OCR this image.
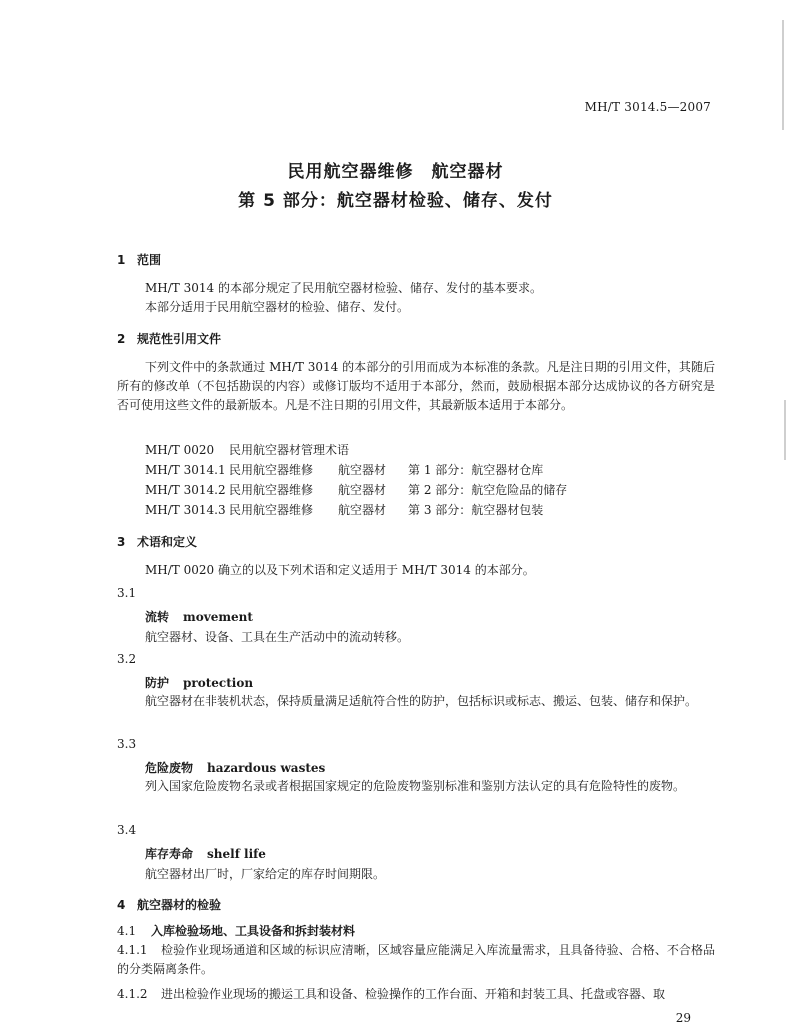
MH/T 3014.5—2007
民用航空器维修　航空器材
第 5 部分：航空器材检验、储存、发付
1 范围
MH/T 3014 的本部分规定了民用航空器材检验、储存、发付的基本要求。
本部分适用于民用航空器材的检验、储存、发付。
2 规范性引用文件
下列文件中的条款通过 MH/T 3014 的本部分的引用而成为本标准的条款。凡是注日期的引用文件，其随后所有的修改单（不包括勘误的内容）或修订版均不适用于本部分，然而，鼓励根据本部分达成协议的各方研究是否可使用这些文件的最新版本。凡是不注日期的引用文件，其最新版本适用于本部分。
MH/T 0020 民用航空器材管理术语
MH/T 3014.1 民用航空器维修 航空器材 第 1 部分：航空器材仓库
MH/T 3014.2 民用航空器维修 航空器材 第 2 部分：航空危险品的储存
MH/T 3014.3 民用航空器维修 航空器材 第 3 部分：航空器材包装
3 术语和定义
MH/T 0020 确立的以及下列术语和定义适用于 MH/T 3014 的本部分。
3.1
流转 movement
航空器材、设备、工具在生产活动中的流动转移。
3.2
防护 protection
航空器材在非装机状态，保持质量满足适航符合性的防护，包括标识或标志、搬运、包装、储存和保护。
3.3
危险废物 hazardous wastes
列入国家危险废物名录或者根据国家规定的危险废物鉴别标准和鉴别方法认定的具有危险特性的废物。
3.4
库存寿命 shelf life
航空器材出厂时，厂家给定的库存时间期限。
4 航空器材的检验
4.1 入库检验场地、工具设备和拆封装材料
4.1.1 检验作业现场通道和区域的标识应清晰，区域容量应能满足入库流量需求，且具备待验、合格、不合格品的分类隔离条件。
4.1.2 进出检验作业现场的搬运工具和设备、检验操作的工作台面、开箱和封装工具、托盘或容器、取
29
